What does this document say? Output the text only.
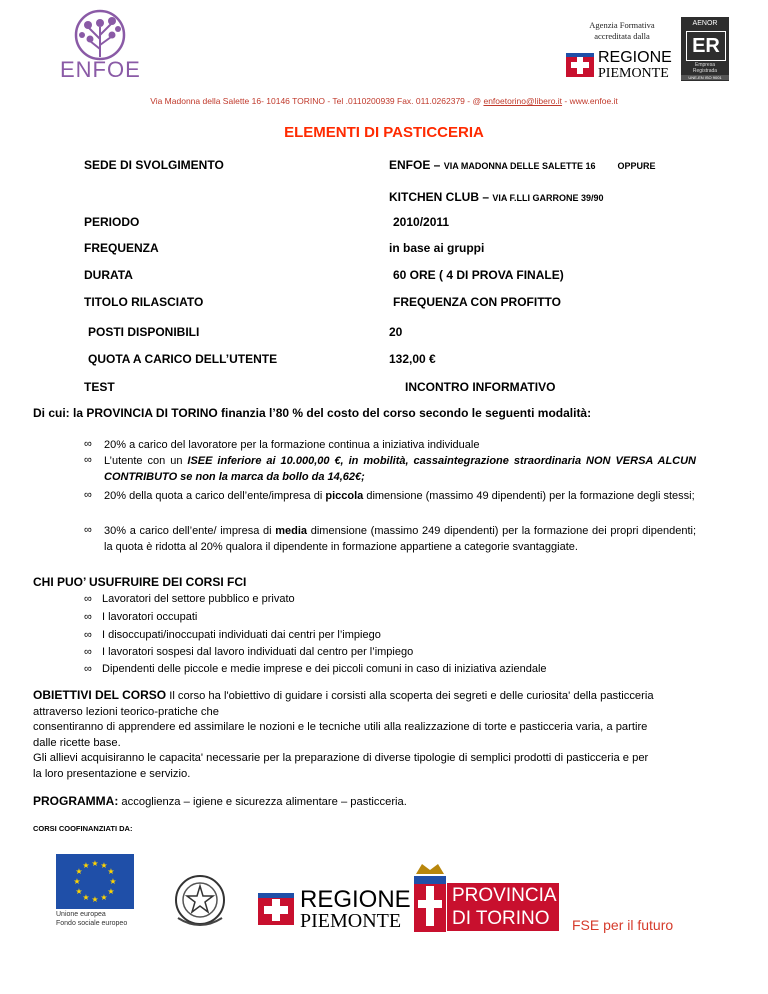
ENFOE
Agenzia Formativa
accreditata dalla
REGIONE
PIEMONTE
AENOR
ER
Empresa Registrada
UNE-EN ISO 9001
Via Madonna della Salette 16- 10146 TORINO - Tel .0110200939 Fax. 011.0262379 - @ enfoetorino@libero.it - www.enfoe.it
ELEMENTI DI PASTICCERIA
SEDE DI SVOLGIMENTO	ENFOE – VIA MADONNA DELLE SALETTE 16 OPPURE
KITCHEN CLUB – VIA F.LLI GARRONE 39/90
PERIODO	2010/2011
FREQUENZA	in base ai gruppi
DURATA	60 ORE ( 4 DI PROVA FINALE)
TITOLO RILASCIATO	FREQUENZA CON PROFITTO
POSTI DISPONIBILI	20
QUOTA A CARICO DELL’UTENTE	132,00 €
TEST	INCONTRO INFORMATIVO
Di cui: la PROVINCIA DI TORINO finanzia l’80 % del costo del corso secondo le seguenti modalità:
∞ 20% a carico del lavoratore per la formazione continua a iniziativa individuale
∞ L’utente con un ISEE inferiore ai 10.000,00 €, in mobilità, cassaintegrazione straordinaria NON VERSA ALCUN CONTRIBUTO se non la marca da bollo da 14,62€;
∞ 20% della quota a carico dell’ente/impresa di piccola dimensione (massimo 49 dipendenti) per la formazione degli stessi;
∞ 30% a carico dell’ente/ impresa di media dimensione (massimo 249 dipendenti) per la formazione dei propri dipendenti; la quota è ridotta al 20% qualora il dipendente in formazione appartiene a categorie svantaggiate.
CHI PUO’ USUFRUIRE DEI CORSI FCI
∞ Lavoratori del settore pubblico e privato
∞ I lavoratori occupati
∞ I disoccupati/inoccupati individuati dai centri per l’impiego
∞ I lavoratori sospesi dal lavoro individuati dal centro per l’impiego
∞ Dipendenti delle piccole e medie imprese e dei piccoli comuni in caso di iniziativa aziendale
OBIETTIVI DEL CORSO Il corso ha l'obiettivo di guidare i corsisti alla scoperta dei segreti e delle curiosita' della pasticceria
attraverso lezioni teorico-pratiche che
consentiranno di apprendere ed assimilare le nozioni e le tecniche utili alla realizzazione di torte e pasticceria varia, a partire
dalle ricette base.
Gli allievi acquisiranno le capacita' necessarie per la preparazione di diverse tipologie di semplici prodotti di pasticceria e per
la loro presentazione e servizio.
PROGRAMMA: accoglienza – igiene e sicurezza alimentare – pasticceria.
CORSI COOFINANZIATI DA:
★ ★
★
★
★
★
★
★
★
★
★
★
Unione europea
Fondo sociale europeo
REGIONE
PIEMONTE
PROVINCIA
DI TORINO FSE per il futuro
